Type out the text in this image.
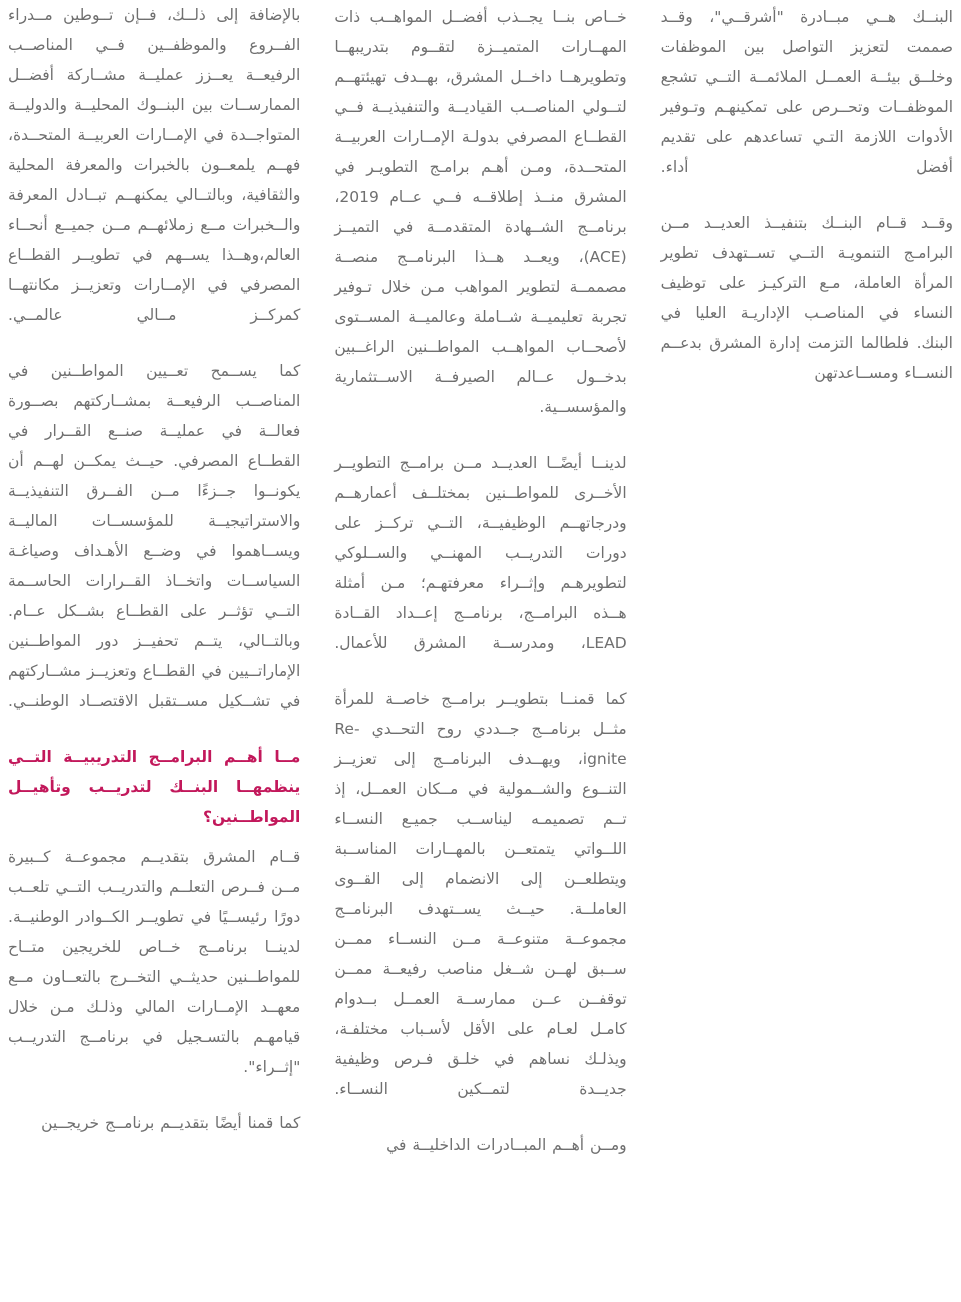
البنــك هــي مبــادرة "أشرقــي"، وقــد صممت لتعزيز التواصل بين الموظفات وخلــق بيئــة العمــل الملائمــة التــي تشجع الموظفــات وتحــرص على تمكينهـم وتـوفير الأدوات اللازمة التـي تساعدهم على تقديم أفضل أداء.

وقــد قــام البنــك بتنفيــذ العديــد مــن البرامـج التنمويـة التــي تســتهدف تطوير المرأة العاملة، مـع التركيـز على توظيف النساء في المناصـب الإداريـة العليا في البنك. فلطالما التزمت إدارة المشرق بدعــم النســاء ومســاعدتهن

خــاص بنــا يجــذب أفضــل المواهــب ذات المهــارات المتميــزة لتقــوم بتدريبهــا وتطويرهــا داخــل المشرق، بهــدف تهيئتهــم لتــولي المناصــب القياديــة والتنفيذيــة فــي القطــاع المصرفي بدولـة الإمــارات العربيــة المتحــدة، ومـن أهـم برامـج التطويـر في المشرق منــذ إطلاقــه فــي عــام 2019، برنامــج الشــهادة المتقدمــة في التميــز (ACE)، ويعــد هــذا البرنامــج منصــة مصممــة لتطوير المواهب مـن خلال تـوفير تجربة تعليميــة شــاملة وعالميــة المســتوى لأصحــاب المواهــب المواطــنين الراغــبين بدخــول عــالم الصيرفــة الاســتثمارية والمؤسســية.

لدينــا أيضًــا العديــد مــن برامــج التطويــر الأخــرى للمواطــنين بمختلــف أعمارهــم ودرجاتهــم الوظيفيــة، التــي تركــز على دورات التدريــب المهنــي والســلوكي لتطويرهـم وإثــراء معرفتهـم؛ مـن أمثلة هــذه البرامــج، برنامــج إعــداد القــادة LEAD، ومدرســة المشرق للأعمال.

كما قمنــا بتطويــر برامــج خاصــة للمرأة مثــل برنامــج جــددي روح التحــدي -Re ignite، ويهــدف البرنامــج إلى تعزيــز التنــوع والشــمولية في مــكان العمــل، إذ تــم تصميمـه ليناســب جميـع النســاء اللــواتي يتمتعــن بالمهــارات المناســبة ويتطلعــن إلى الانضمام إلى القــوى العاملــة. حيــث يســتهدف البرنامــج مجموعــة متنوعــة مــن النســاء ممــن ســبق لهــن شــغل مناصب رفيعــة ممــن توقفــن عــن ممارســة العمــل بــدوام كامـل لعـام على الأقل لأسـباب مختلفـة، ويذلـك نساهم في خلـق فـرص وظيفية جديــدة لتمــكين النســاء.

ومــن أهــم المبــادرات الداخليــة في

بالإضافة إلى ذلــك، فــإن تــوطين مــدراء الفــروع والموظفــين فــي المناصــب الرفيعــة يعــزز عمليــة مشــاركة أفضــل الممارســات بين البنــوك المحليــة والدوليــة المتواجــدة في الإمــارات العربيــة المتحــدة، فهــم يلمعــون بالخبرات والمعرفة المحلية والثقافية، وبالتــالي يمكنهــم تبــادل المعرفة والــخبرات مــع زملائهــم مــن جميــع أنحــاء العالم،وهــذا يســهم في تطويــر القطــاع المصرفي في الإمــارات وتعزيــز مكانتهــا كمركــز مــالي عالمــي.

كما يســمح تعــيين المواطــنين في المناصــب الرفيعــة بمشــاركتهم بصــورة فعالــة في عمليــة صنــع القــرار في القطــاع المصرفي. حيــث يمكــن لهــم أن يكونــوا جــزءًا مــن الفــرق التنفيذيــة والاستراتيجيــة للمؤسســات الماليــة ويســاهموا في وضــع الأهـداف وصياغـة السياســات واتخــاذ القــرارات الحاســمة التــي تؤثــر على القطــاع بشــكل عــام. وبالتــالي، يتــم تحفيــز دور المواطــنين الإماراتــيين في القطــاع وتعزيــز مشــاركتهم في تشــكيل مســتقبل الاقتصــاد الوطنــي.

مــا أهــم البرامــج التدريبيــة التــي ينظمهــا البنــك لتدريــب وتأهيــل المواطــنين؟

قــام المشرق بتقديــم مجموعــة كــبيرة مــن فــرص التعلــم والتدريــب التــي تلعــب دورًا رئيســيًا في تطويــر الكــوادر الوطنيــة. لدينــا برنامــج خــاص للخريجين متــاح للمواطــنين حديثــي التخــرج بالتعــاون مــع معهــد الإمــارات المالي وذلـك مـن خلال قيامهـم بالتسـجيل في برنامــج التدريــب "إثــراء".

كما قمنا أيضًا بتقديــم برنامــج خريجــين
